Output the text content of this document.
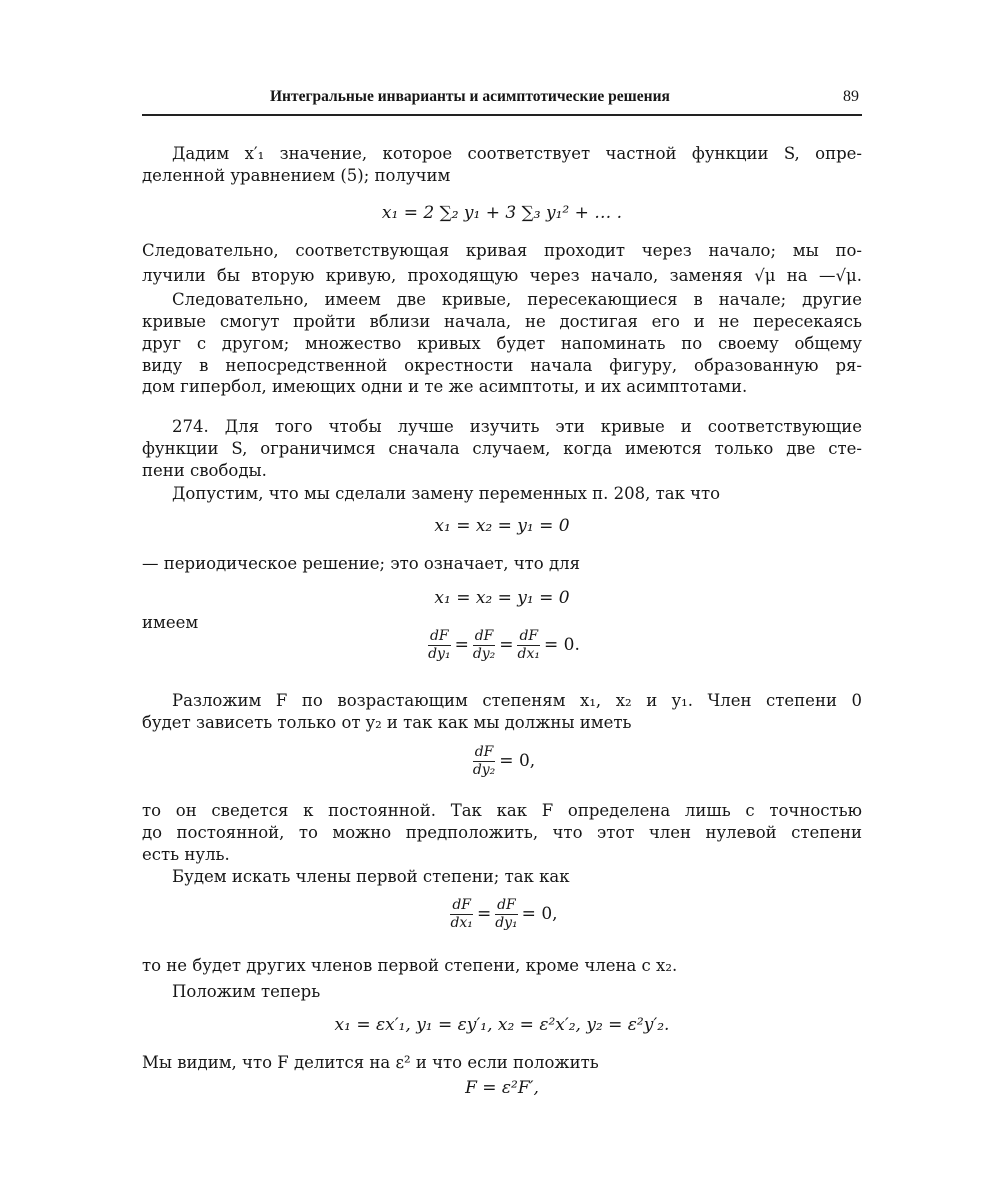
Интегральные инварианты и асимптотические решения	89
Дадим x′₁ значение, которое соответствует частной функции S, опре-
деленной уравнением (5); получим
x₁ = 2 ∑₂ y₁ + 3 ∑₃ y₁² + … .
Следовательно, соответствующая кривая проходит через начало; мы по-
лучили бы вторую кривую, проходящую через начало, заменяя √μ на —√μ.
Следовательно, имеем две кривые, пересекающиеся в начале; другие
кривые смогут пройти вблизи начала, не достигая его и не пересекаясь
друг с другом; множество кривых будет напоминать по своему общему
виду в непосредственной окрестности начала фигуру, образованную ря-
дом гипербол, имеющих одни и те же асимптоты, и их асимптотами.
274. Для того чтобы лучше изучить эти кривые и соответствующие
функции S, ограничимся сначала случаем, когда имеются только две сте-
пени свободы.
Допустим, что мы сделали замену переменных п. 208, так что
x₁ = x₂ = y₁ = 0
— периодическое решение; это означает, что для
x₁ = x₂ = y₁ = 0
имеем
$\frac{dF}{\text{dy₁}} = \frac{dF}{\text{dy₂}} = \frac{dF}{\text{dx₁}} = 0$.
Разложим F по возрастающим степеням x₁, x₂ и y₁. Член степени 0
будет зависеть только от y₂ и так как мы должны иметь
$\frac{dF}{\text{dy₂}} = 0$,
то он сведется к постоянной. Так как F определена лишь с точностью
до постоянной, то можно предположить, что этот член нулевой степени
есть нуль.
Будем искать члены первой степени; так как
$\frac{dF}{\text{dx₁}} = \frac{dF}{\text{dy₁}} = 0$,
то не будет других членов первой степени, кроме члена с x₂.
Положим теперь
x₁ = εx′₁, y₁ = εy′₁, x₂ = ε²x′₂, y₂ = ε²y′₂.
Мы видим, что F делится на ε² и что если положить
F = ε²F′,
